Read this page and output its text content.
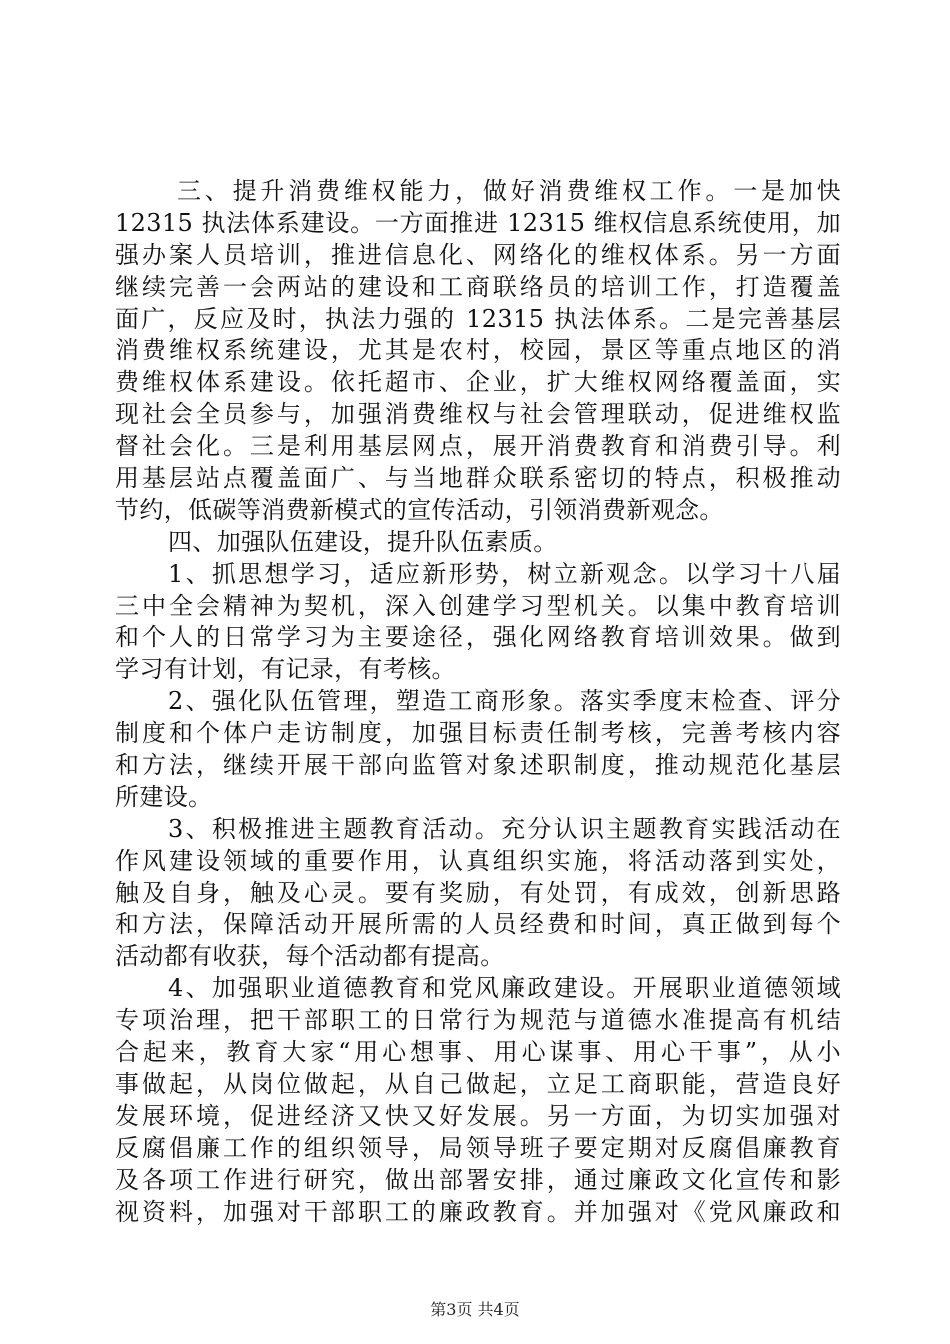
三、提升消费维权能力，做好消费维权工作。一是加快
12315 执法体系建设。一方面推进 12315 维权信息系统使用，加
强办案人员培训，推进信息化、网络化的维权体系。另一方面
继续完善一会两站的建设和工商联络员的培训工作，打造覆盖
面广，反应及时，执法力强的 12315 执法体系。二是完善基层
消费维权系统建设，尤其是农村，校园，景区等重点地区的消
费维权体系建设。依托超市、企业，扩大维权网络覆盖面，实
现社会全员参与，加强消费维权与社会管理联动，促进维权监
督社会化。三是利用基层网点，展开消费教育和消费引导。利
用基层站点覆盖面广、与当地群众联系密切的特点，积极推动
节约，低碳等消费新模式的宣传活动，引领消费新观念。
四、加强队伍建设，提升队伍素质。
1、抓思想学习，适应新形势，树立新观念。以学习十八届
三中全会精神为契机，深入创建学习型机关。以集中教育培训
和个人的日常学习为主要途径，强化网络教育培训效果。做到
学习有计划，有记录，有考核。
2、强化队伍管理，塑造工商形象。落实季度末检查、评分
制度和个体户走访制度，加强目标责任制考核，完善考核内容
和方法，继续开展干部向监管对象述职制度，推动规范化基层
所建设。
3、积极推进主题教育活动。充分认识主题教育实践活动在
作风建设领域的重要作用，认真组织实施，将活动落到实处，
触及自身，触及心灵。要有奖励，有处罚，有成效，创新思路
和方法，保障活动开展所需的人员经费和时间，真正做到每个
活动都有收获，每个活动都有提高。
4、加强职业道德教育和党风廉政建设。开展职业道德领域
专项治理，把干部职工的日常行为规范与道德水准提高有机结
合起来，教育大家“用心想事、用心谋事、用心干事”，从小
事做起，从岗位做起，从自己做起，立足工商职能，营造良好
发展环境，促进经济又快又好发展。另一方面，为切实加强对
反腐倡廉工作的组织领导，局领导班子要定期对反腐倡廉教育
及各项工作进行研究，做出部署安排，通过廉政文化宣传和影
视资料，加强对干部职工的廉政教育。并加强对《党风廉政和
第3页 共4页
